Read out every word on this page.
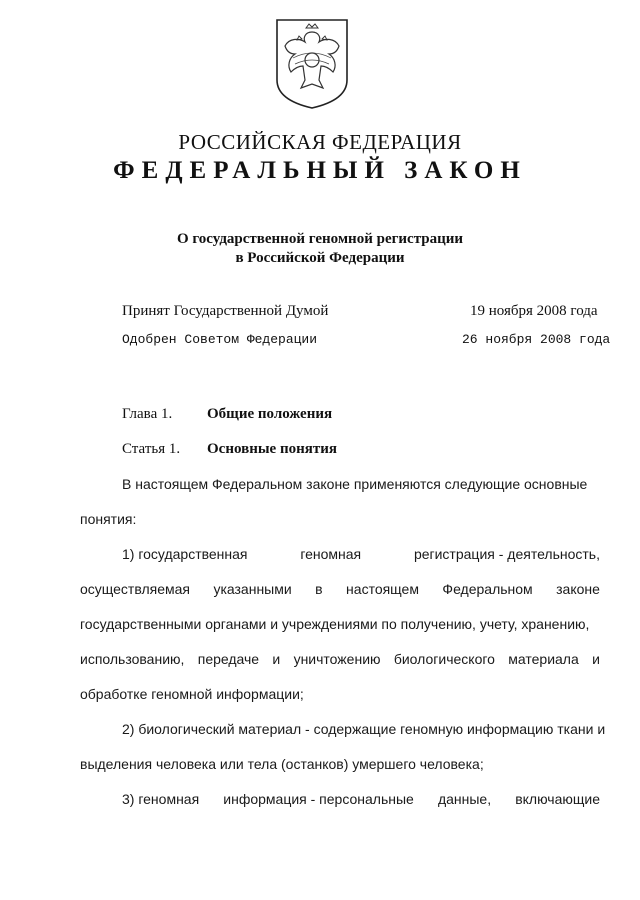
РОССИЙСКАЯ ФЕДЕРАЦИЯ
ФЕДЕРАЛЬНЫЙ ЗАКОН
О государственной геномной регистрации
в Российской Федерации
Принят Государственной Думой	19 ноября 2008 года
Одобрен Советом Федерации	26 ноября 2008 года
Глава 1. Общие положения
Статья 1. Основные понятия
В настоящем Федеральном законе применяются следующие основные
понятия:
1) государственная	геномная	регистрация - деятельность,
осуществляемая указанными в настоящем Федеральном законе
государственными органами и учреждениями по получению, учету, хранению,
использованию, передаче и уничтожению биологического материала и
обработке геномной информации;
2) биологический материал - содержащие геномную информацию ткани и
выделения человека или тела (останков) умершего человека;
3) геномная информация - персональные данные, включающие
